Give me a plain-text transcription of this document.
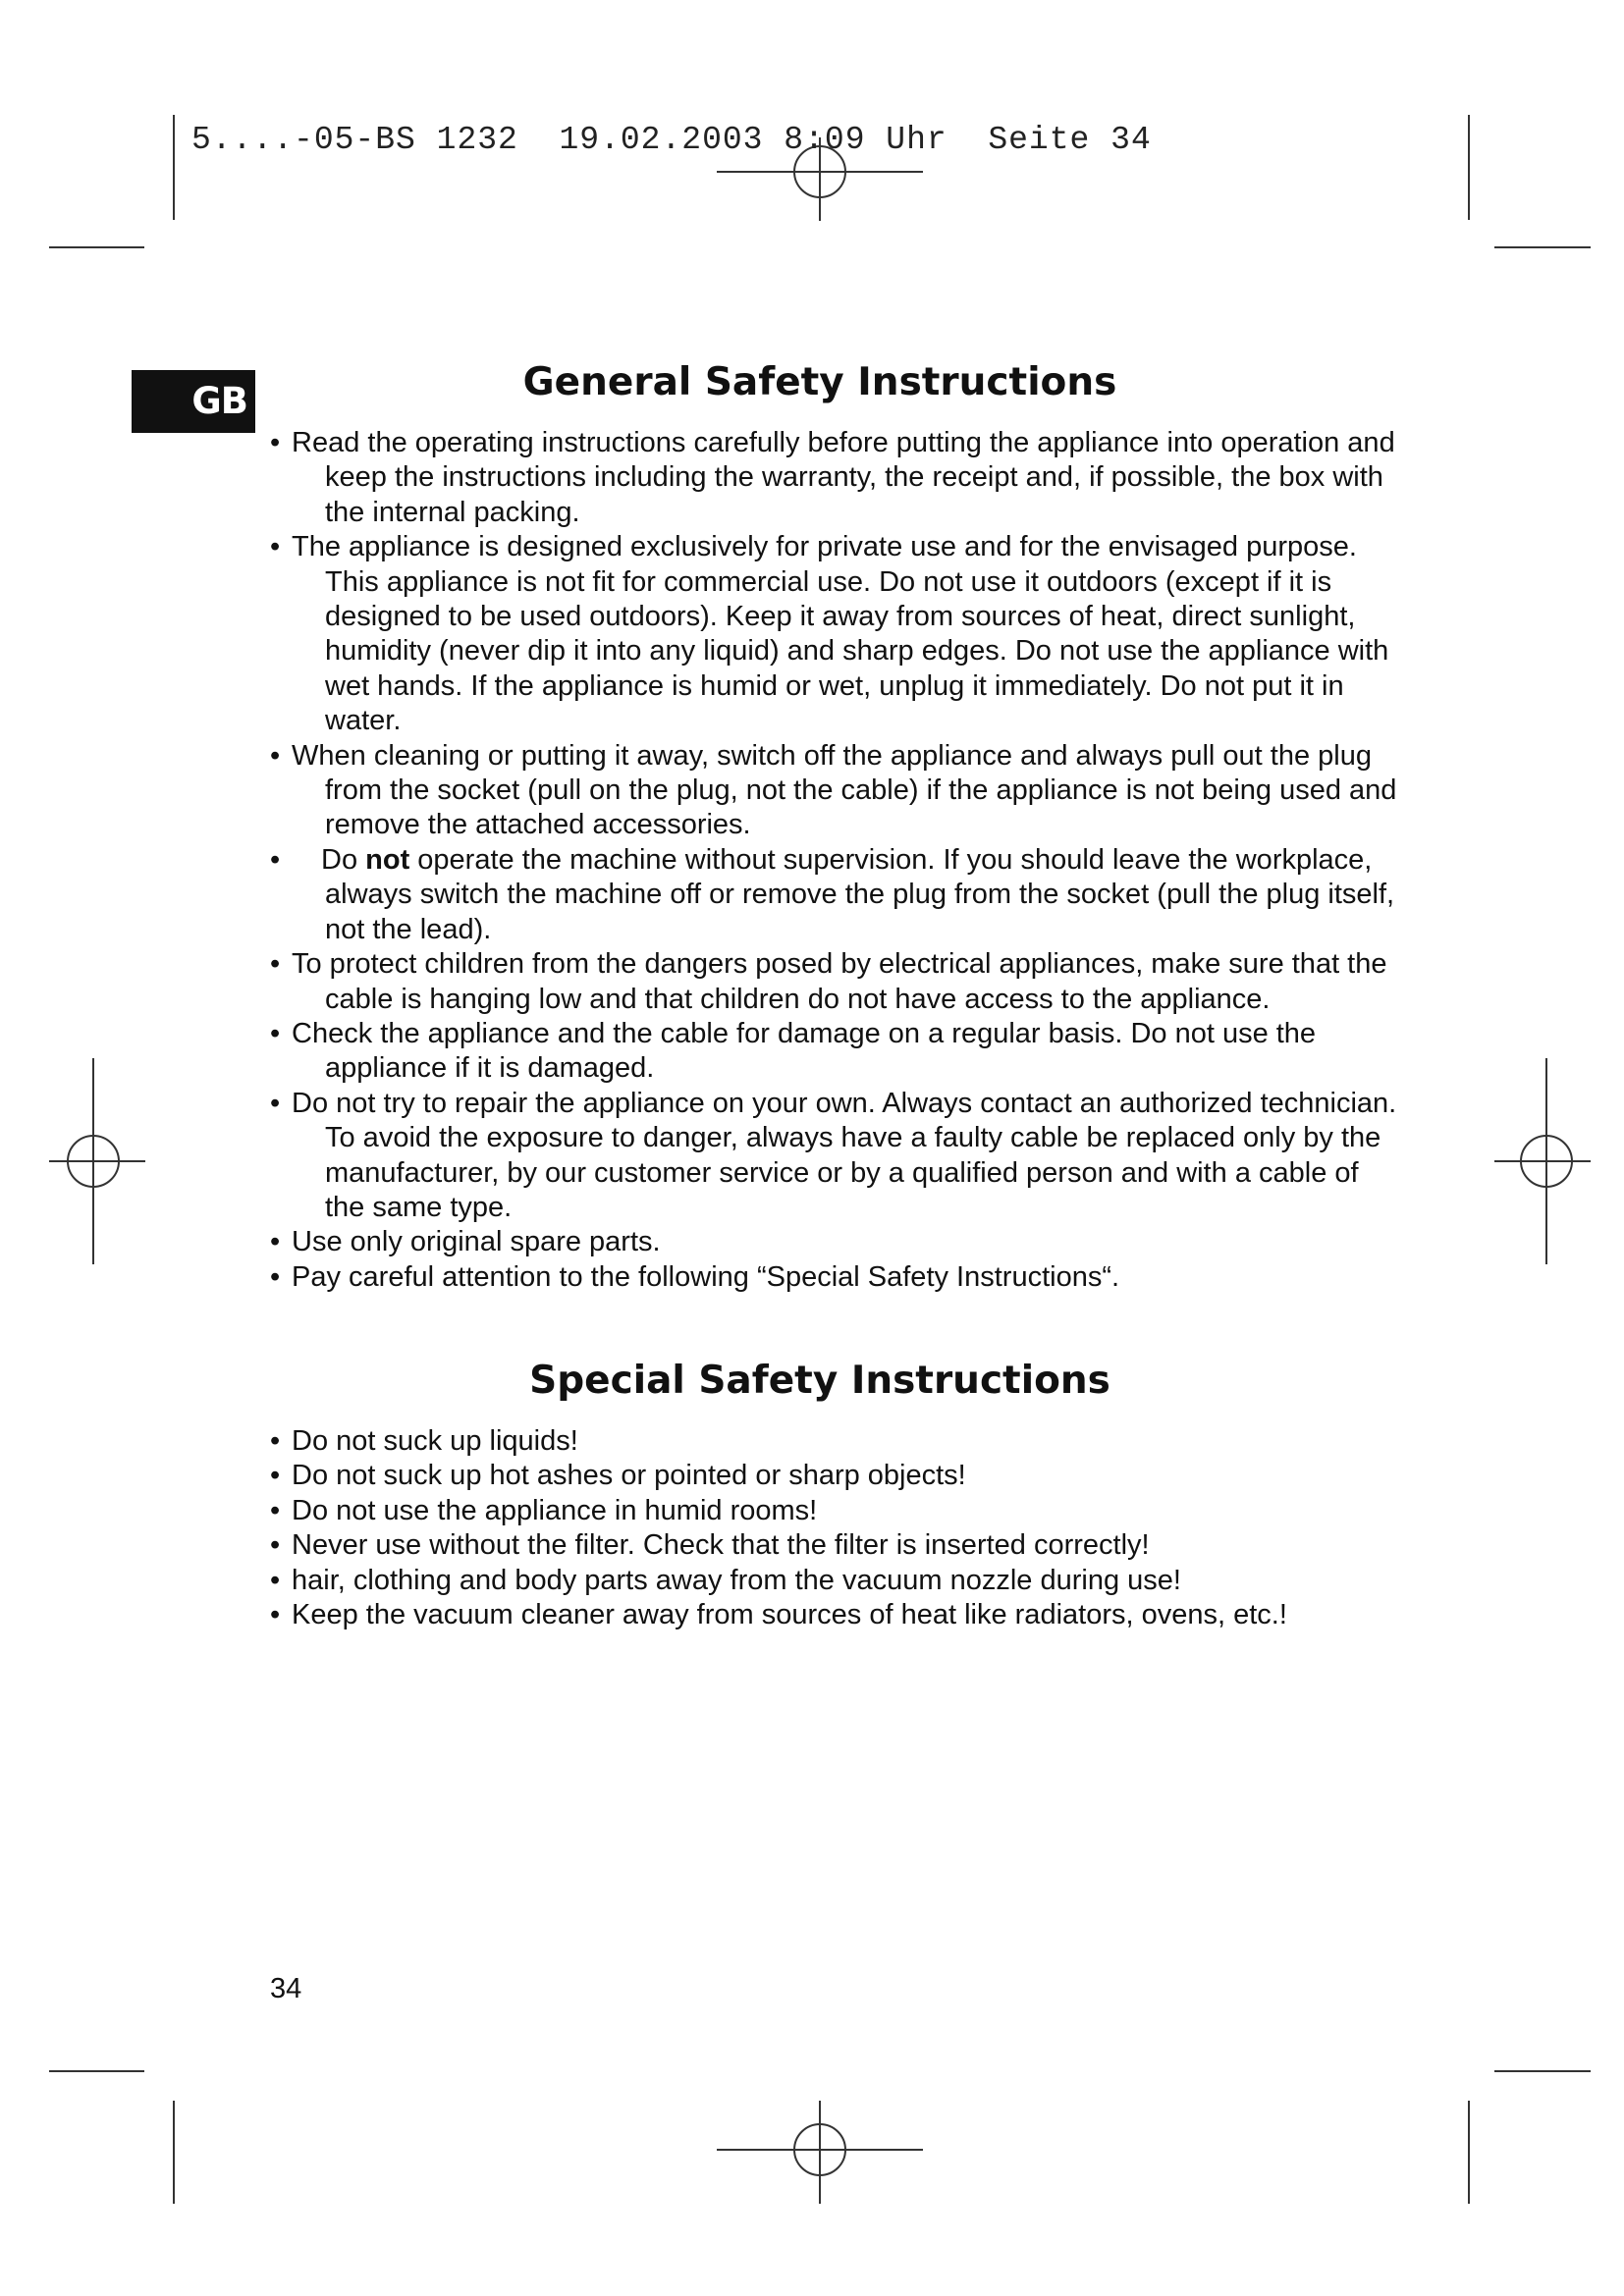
5....-05-BS 1232  19.02.2003 8:09 Uhr  Seite 34
GB	General Safety Instructions
• Read the operating instructions carefully before putting the appliance into operation and keep the instructions including the warranty, the receipt and, if possible, the box with the internal packing.
• The appliance is designed exclusively for private use and for the envisaged purpose. This appliance is not fit for commercial use. Do not use it outdoors (except if it is designed to be used outdoors). Keep it away from sources of heat, direct sunlight, humidity (never dip it into any liquid) and sharp edges. Do not use the appliance with wet hands. If the appliance is humid or wet, unplug it immediately. Do not put it in water.
• When cleaning or putting it away, switch off the appliance and always pull out the plug from the socket (pull on the plug, not the cable) if the appliance is not being used and remove the attached accessories.
• Do not operate the machine without supervision. If you should leave the workplace, always switch the machine off or remove the plug from the socket (pull the plug itself, not the lead).
• To protect children from the dangers posed by electrical appliances, make sure that the cable is hanging low and that children do not have access to the appliance.
• Check the appliance and the cable for damage on a regular basis. Do not use the appliance if it is damaged.
• Do not try to repair the appliance on your own. Always contact an authorized technician. To avoid the exposure to danger, always have a faulty cable be replaced only by the manufacturer, by our customer service or by a qualified person and with a cable of the same type.
• Use only original spare parts.
• Pay careful attention to the following “Special Safety Instructions“.
Special Safety Instructions
• Do not suck up liquids!
• Do not suck up hot ashes or pointed or sharp objects!
• Do not use the appliance in humid rooms!
• Never use without the filter. Check that the filter is inserted correctly!
• hair, clothing and body parts away from the vacuum nozzle during use!
• Keep the vacuum cleaner away from sources of heat like radiators, ovens, etc.!
34
